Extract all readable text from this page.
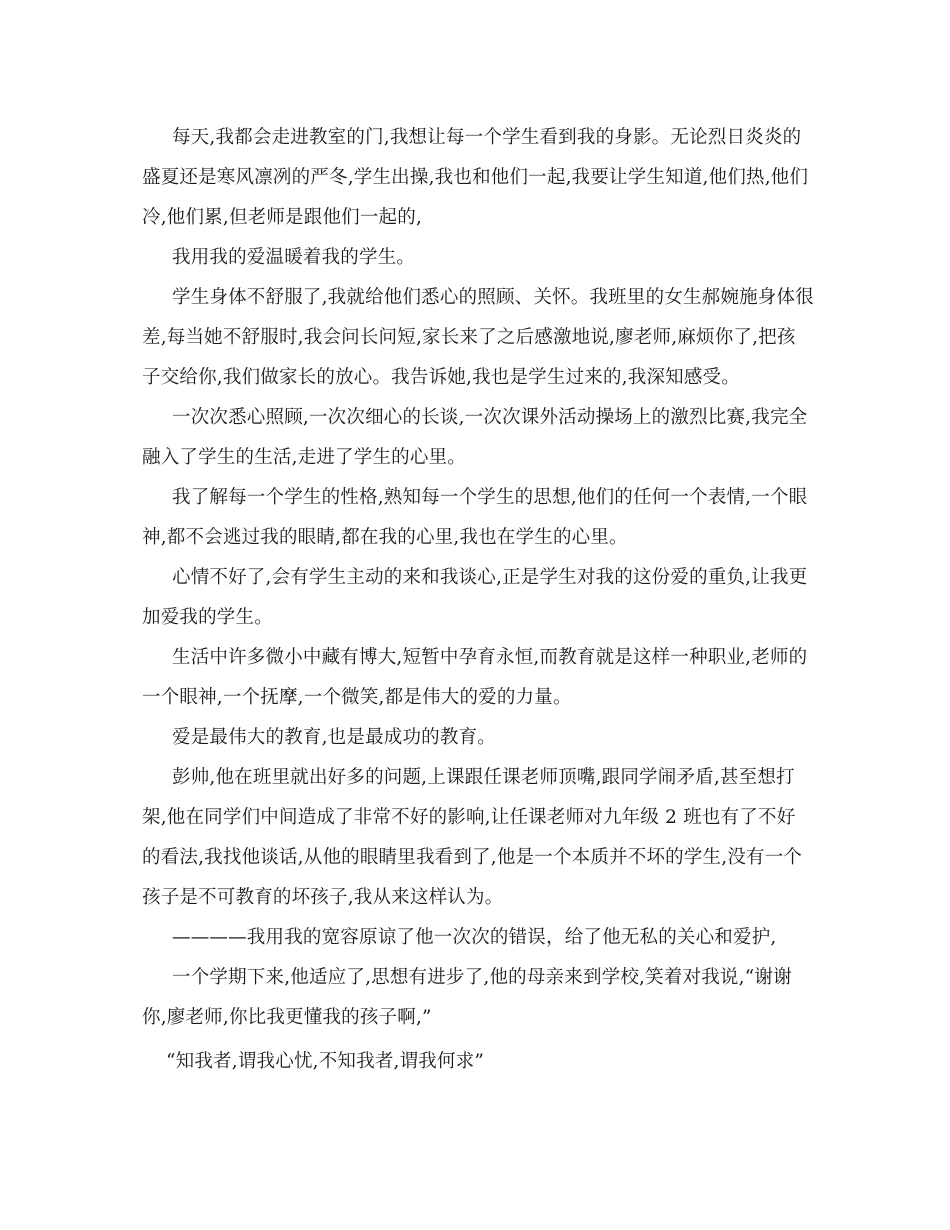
每天,我都会走进教室的门,我想让每一个学生看到我的身影。无论烈日炎炎的盛夏还是寒风凛冽的严冬,学生出操,我也和他们一起,我要让学生知道,他们热,他们冷,他们累,但老师是跟他们一起的,

我用我的爱温暖着我的学生。

学生身体不舒服了,我就给他们悉心的照顾、关怀。我班里的女生郝婉施身体很差,每当她不舒服时,我会问长问短,家长来了之后感激地说,廖老师,麻烦你了,把孩子交给你,我们做家长的放心。我告诉她,我也是学生过来的,我深知感受。

一次次悉心照顾,一次次细心的长谈,一次次课外活动操场上的激烈比赛,我完全融入了学生的生活,走进了学生的心里。

我了解每一个学生的性格,熟知每一个学生的思想,他们的任何一个表情,一个眼神,都不会逃过我的眼睛,都在我的心里,我也在学生的心里。

心情不好了,会有学生主动的来和我谈心,正是学生对我的这份爱的重负,让我更加爱我的学生。

生活中许多微小中藏有博大,短暂中孕育永恒,而教育就是这样一种职业,老师的一个眼神,一个抚摩,一个微笑,都是伟大的爱的力量。

爱是最伟大的教育,也是最成功的教育。

彭帅,他在班里就出好多的问题,上课跟任课老师顶嘴,跟同学闹矛盾,甚至想打架,他在同学们中间造成了非常不好的影响,让任课老师对九年级 2 班也有了不好的看法,我找他谈话,从他的眼睛里我看到了,他是一个本质并不坏的学生,没有一个孩子是不可教育的坏孩子,我从来这样认为。

————我用我的宽容原谅了他一次次的错误，给了他无私的关心和爱护,

一个学期下来,他适应了,思想有进步了,他的母亲来到学校,笑着对我说,“谢谢你,廖老师,你比我更懂我的孩子啊,”

“知我者,谓我心忧,不知我者,谓我何求”
